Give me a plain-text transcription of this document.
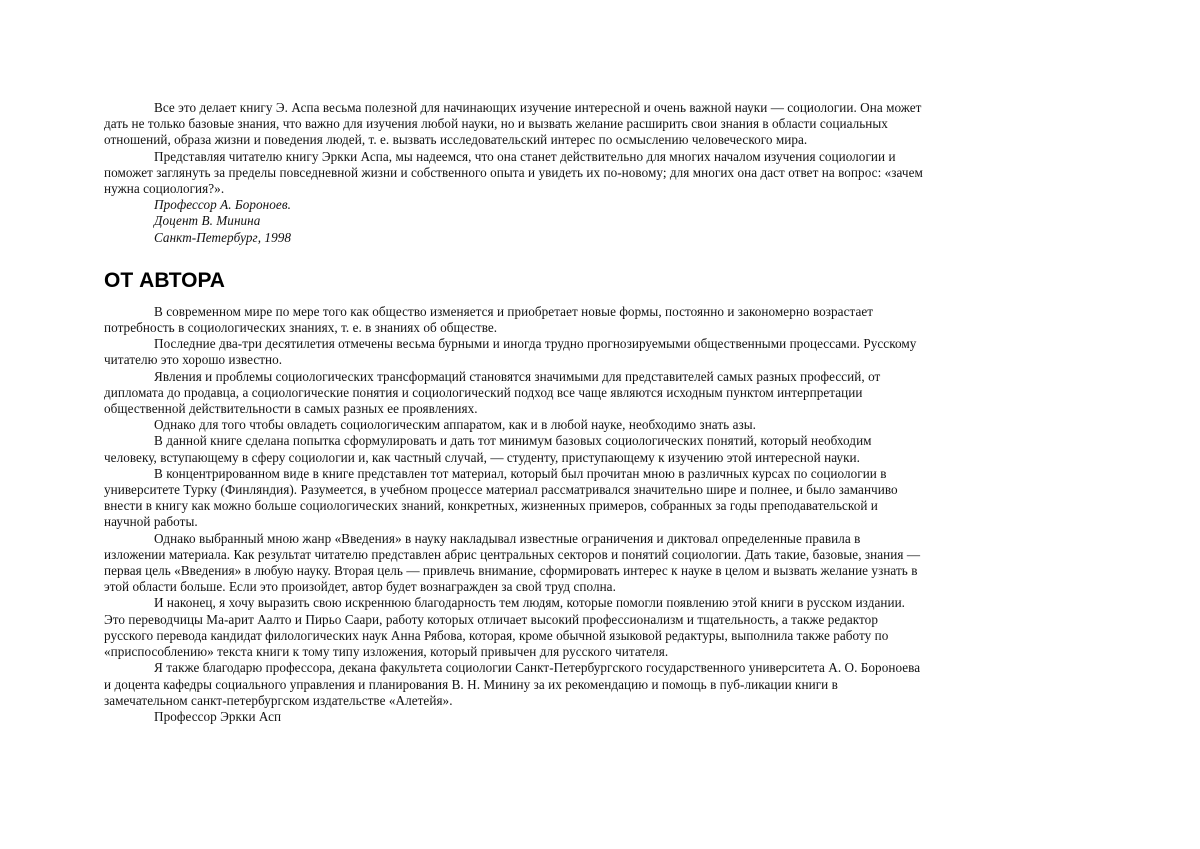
Все это делает книгу Э. Аспа весьма полезной для начинающих изучение интересной и очень важной науки — социологии. Она может дать не только базовые знания, что важно для изучения любой науки, но и вызвать желание расширить свои знания в области социальных отношений, образа жизни и поведения людей, т. е. вызвать исследовательский интерес по осмыслению человеческого мира.

Представляя читателю книгу Эркки Аспа, мы надеемся, что она станет действительно для многих началом изучения социологии и поможет заглянуть за пределы повседневной жизни и собственного опыта и увидеть их по-новому; для многих она даст ответ на вопрос: «зачем нужна социология?».

Профессор А. Бороноев.

Доцент В. Минина

Санкт-Петербург, 1998

ОТ АВТОРА

В современном мире по мере того как общество изменяется и приобретает новые формы, постоянно и закономерно возрастает потребность в социологических знаниях, т. е. в знаниях об обществе.

Последние два-три десятилетия отмечены весьма бурными и иногда трудно прогнозируемыми общественными процессами. Русскому читателю это хорошо известно.

Явления и проблемы социологических трансформаций становятся значимыми для представителей самых разных профессий, от дипломата до продавца, а социологические понятия и социологический подход все чаще являются исходным пунктом интерпретации общественной действительности в самых разных ее проявлениях.

Однако для того чтобы овладеть социологическим аппаратом, как и в любой науке, необходимо знать азы.

В данной книге сделана попытка сформулировать и дать тот минимум базовых социологических понятий, который необходим человеку, вступающему в сферу социологии и, как частный случай, — студенту, приступающему к изучению этой интересной науки.

В концентрированном виде в книге представлен тот материал, который был прочитан мною в различных курсах по социологии в университете Турку (Финляндия). Разумеется, в учебном процессе материал рассматривался значительно шире и полнее, и было заманчиво внести в книгу как можно больше социологических знаний, конкретных, жизненных примеров, собранных за годы преподавательской и научной работы.

Однако выбранный мною жанр «Введения» в науку накладывал известные ограничения и диктовал определенные правила в изложении материала. Как результат читателю представлен абрис центральных секторов и понятий социологии. Дать такие, базовые, знания — первая цель «Введения» в любую науку. Вторая цель — привлечь внимание, сформировать интерес к науке в целом и вызвать желание узнать в этой области больше. Если это произойдет, автор будет вознагражден за свой труд сполна.

И наконец, я хочу выразить свою искреннюю благодарность тем людям, которые помогли появлению этой книги в русском издании. Это переводчицы Ма-арит Аалто и Пирьо Саари, работу которых отличает высокий профессионализм и тщательность, а также редактор русского перевода кандидат филологических наук Анна Рябова, которая, кроме обычной языковой редактуры, выполнила также работу по «приспособлению» текста книги к тому типу изложения, который привычен для русского читателя.

Я также благодарю профессора, декана факультета социологии Санкт-Петербургского государственного университета А. О. Бороноева и доцента кафедры социального управления и планирования В. Н. Минину за их рекомендацию и помощь в пуб-ликации книги в замечательном санкт-петербургском издательстве «Алетейя».

Профессор Эркки Асп
